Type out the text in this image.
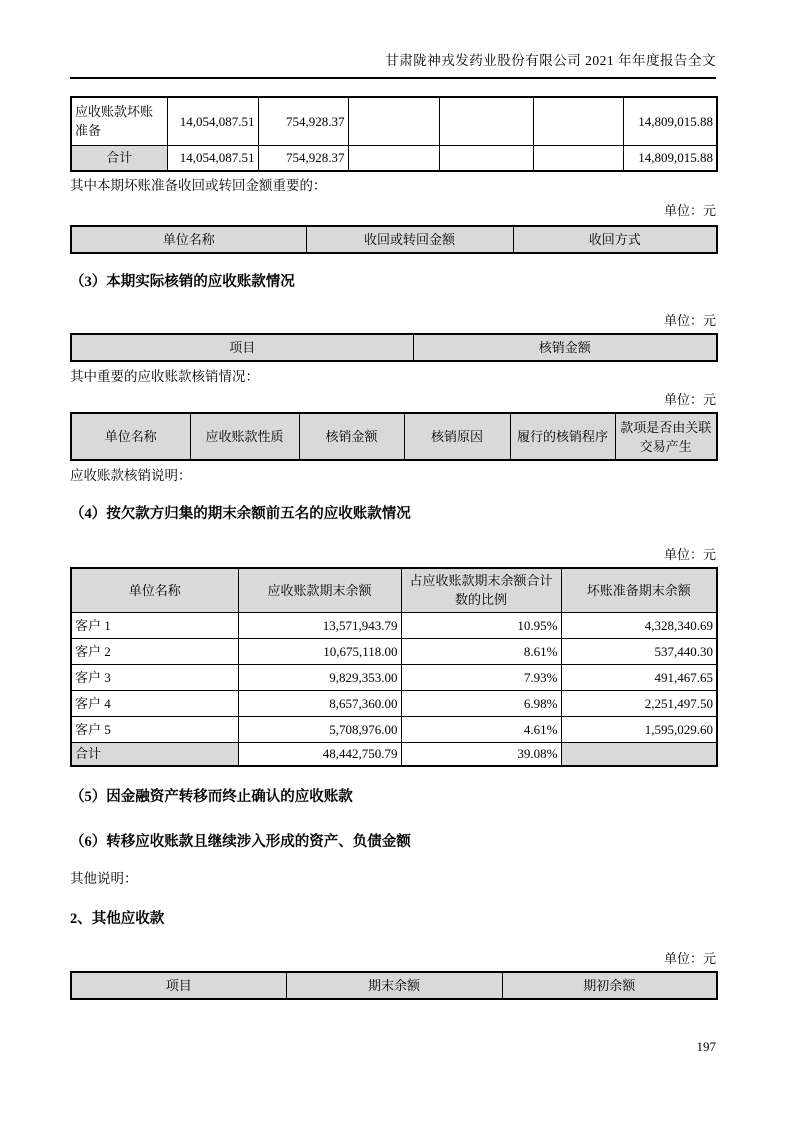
甘肃陇神戎发药业股份有限公司 2021 年年度报告全文
应收账款坏账准备	14,054,087.51	754,928.37				14,809,015.88
合计	14,054,087.51	754,928.37				14,809,015.88
其中本期坏账准备收回或转回金额重要的：
单位：元
单位名称	收回或转回金额	收回方式
（3）本期实际核销的应收账款情况
单位：元
项目	核销金额
其中重要的应收账款核销情况：
单位：元
单位名称	应收账款性质	核销金额	核销原因	履行的核销程序	款项是否由关联交易产生
应收账款核销说明：
（4）按欠款方归集的期末余额前五名的应收账款情况
单位：元
单位名称	应收账款期末余额	占应收账款期末余额合计数的比例	坏账准备期末余额
客户 1	13,571,943.79	10.95%	4,328,340.69
客户 2	10,675,118.00	8.61%	537,440.30
客户 3	9,829,353.00	7.93%	491,467.65
客户 4	8,657,360.00	6.98%	2,251,497.50
客户 5	5,708,976.00	4.61%	1,595,029.60
合计	48,442,750.79	39.08%	
（5）因金融资产转移而终止确认的应收账款
（6）转移应收账款且继续涉入形成的资产、负债金额
其他说明：
2、其他应收款
单位：元
项目	期末余额	期初余额
197
